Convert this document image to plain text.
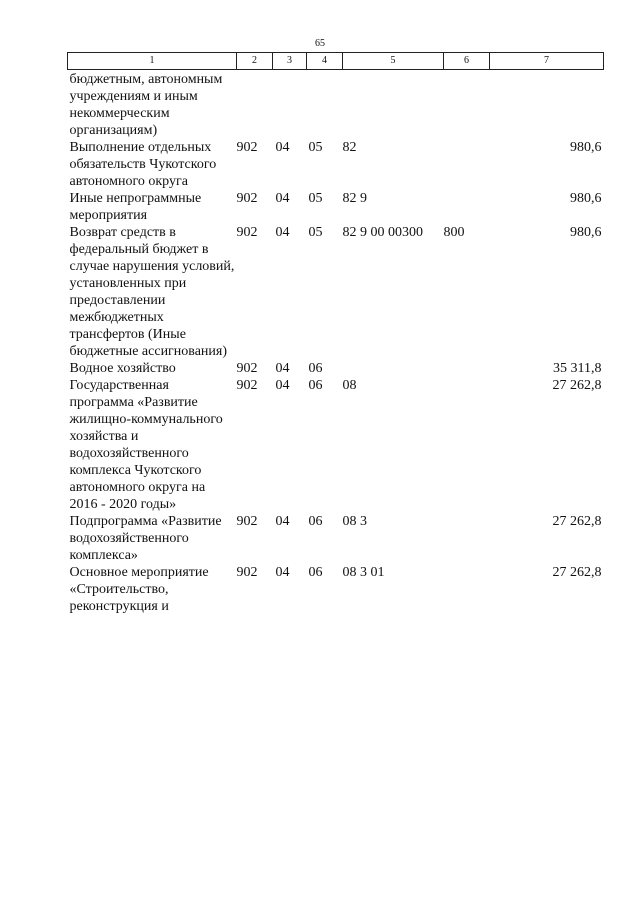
65
1	2	3	4	5	6	7
бюджетным, автономным учреждениям и иным некоммерческим организациям)						
Выполнение отдельных обязательств Чукотского автономного округа	902	04	05	82		980,6
Иные непрограммные мероприятия	902	04	05	82 9		980,6
Возврат средств в федеральный бюджет в случае нарушения условий, установленных при предоставлении межбюджетных трансфертов (Иные бюджетные ассигнования)	902	04	05	82 9 00 00300	800	980,6
Водное хозяйство	902	04	06			35 311,8
Государственная программа «Развитие жилищно-коммунального хозяйства и водохозяйственного комплекса Чукотского автономного округа на 2016 - 2020 годы»	902	04	06	08		27 262,8
Подпрограмма «Развитие водохозяйственного комплекса»	902	04	06	08 3		27 262,8
Основное мероприятие «Строительство, реконструкция и	902	04	06	08 3 01		27 262,8
